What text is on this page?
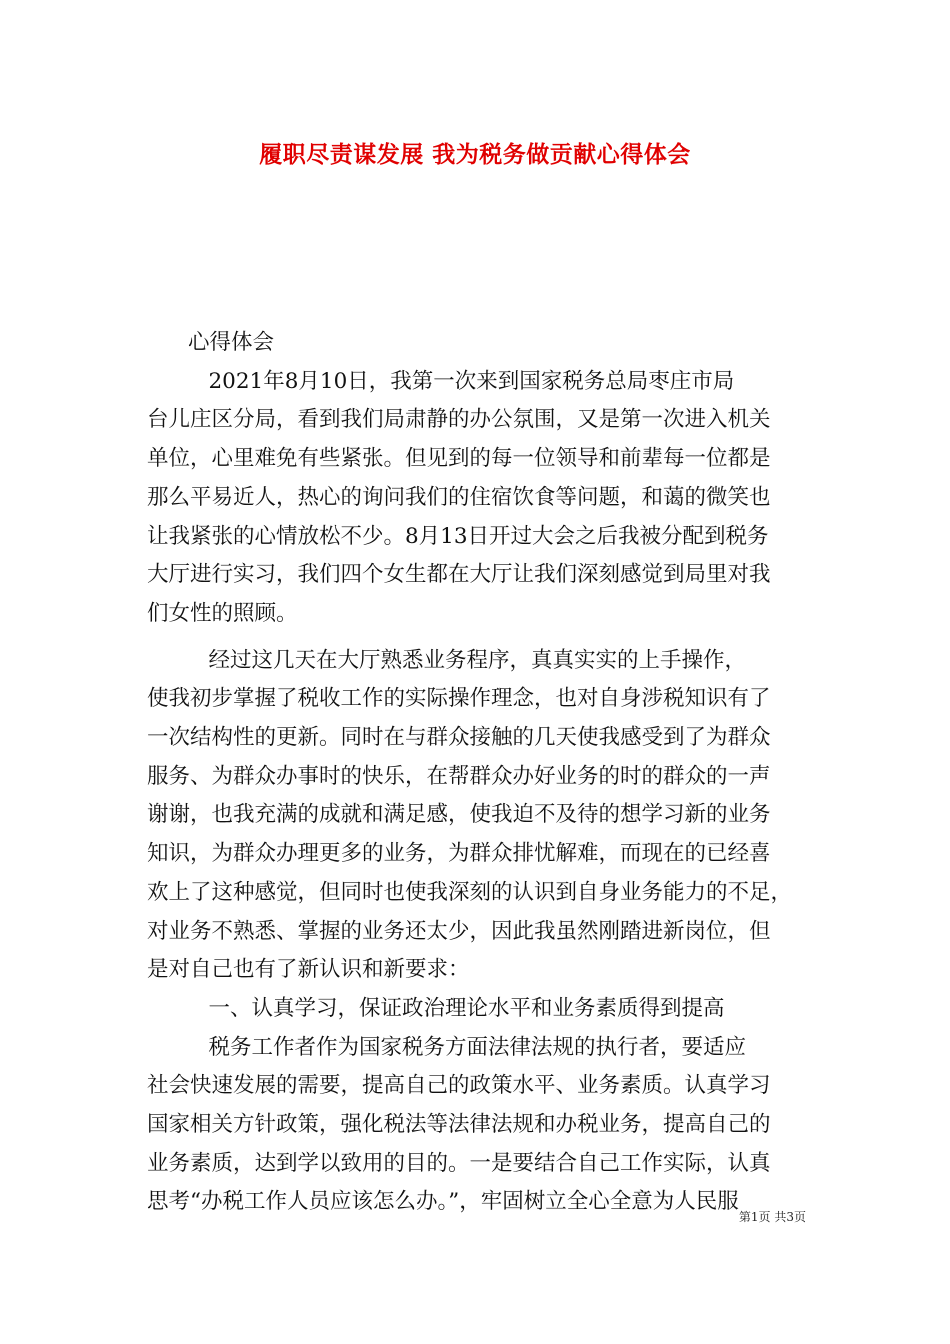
履职尽责谋发展 我为税务做贡献心得体会

心得体会

2021年8月10日，我第一次来到国家税务总局枣庄市局

台儿庄区分局，看到我们局肃静的办公氛围，又是第一次进入机关

单位，心里难免有些紧张。但见到的每一位领导和前辈每一位都是

那么平易近人，热心的询问我们的住宿饮食等问题，和蔼的微笑也

让我紧张的心情放松不少。8月13日开过大会之后我被分配到税务

大厅进行实习，我们四个女生都在大厅让我们深刻感觉到局里对我

们女性的照顾。

经过这几天在大厅熟悉业务程序，真真实实的上手操作，

使我初步掌握了税收工作的实际操作理念，也对自身涉税知识有了

一次结构性的更新。同时在与群众接触的几天使我感受到了为群众

服务、为群众办事时的快乐，在帮群众办好业务的时的群众的一声

谢谢，也我充满的成就和满足感，使我迫不及待的想学习新的业务

知识，为群众办理更多的业务，为群众排忧解难，而现在的已经喜

欢上了这种感觉，但同时也使我深刻的认识到自身业务能力的不足，

对业务不熟悉、掌握的业务还太少，因此我虽然刚踏进新岗位，但

是对自己也有了新认识和新要求：

一、认真学习，保证政治理论水平和业务素质得到提高

税务工作者作为国家税务方面法律法规的执行者，要适应

社会快速发展的需要，提高自己的政策水平、业务素质。认真学习

国家相关方针政策，强化税法等法律法规和办税业务，提高自己的

业务素质，达到学以致用的目的。一是要结合自己工作实际，认真

思考“办税工作人员应该怎么办。”，牢固树立全心全意为人民服

第1页 共3页
